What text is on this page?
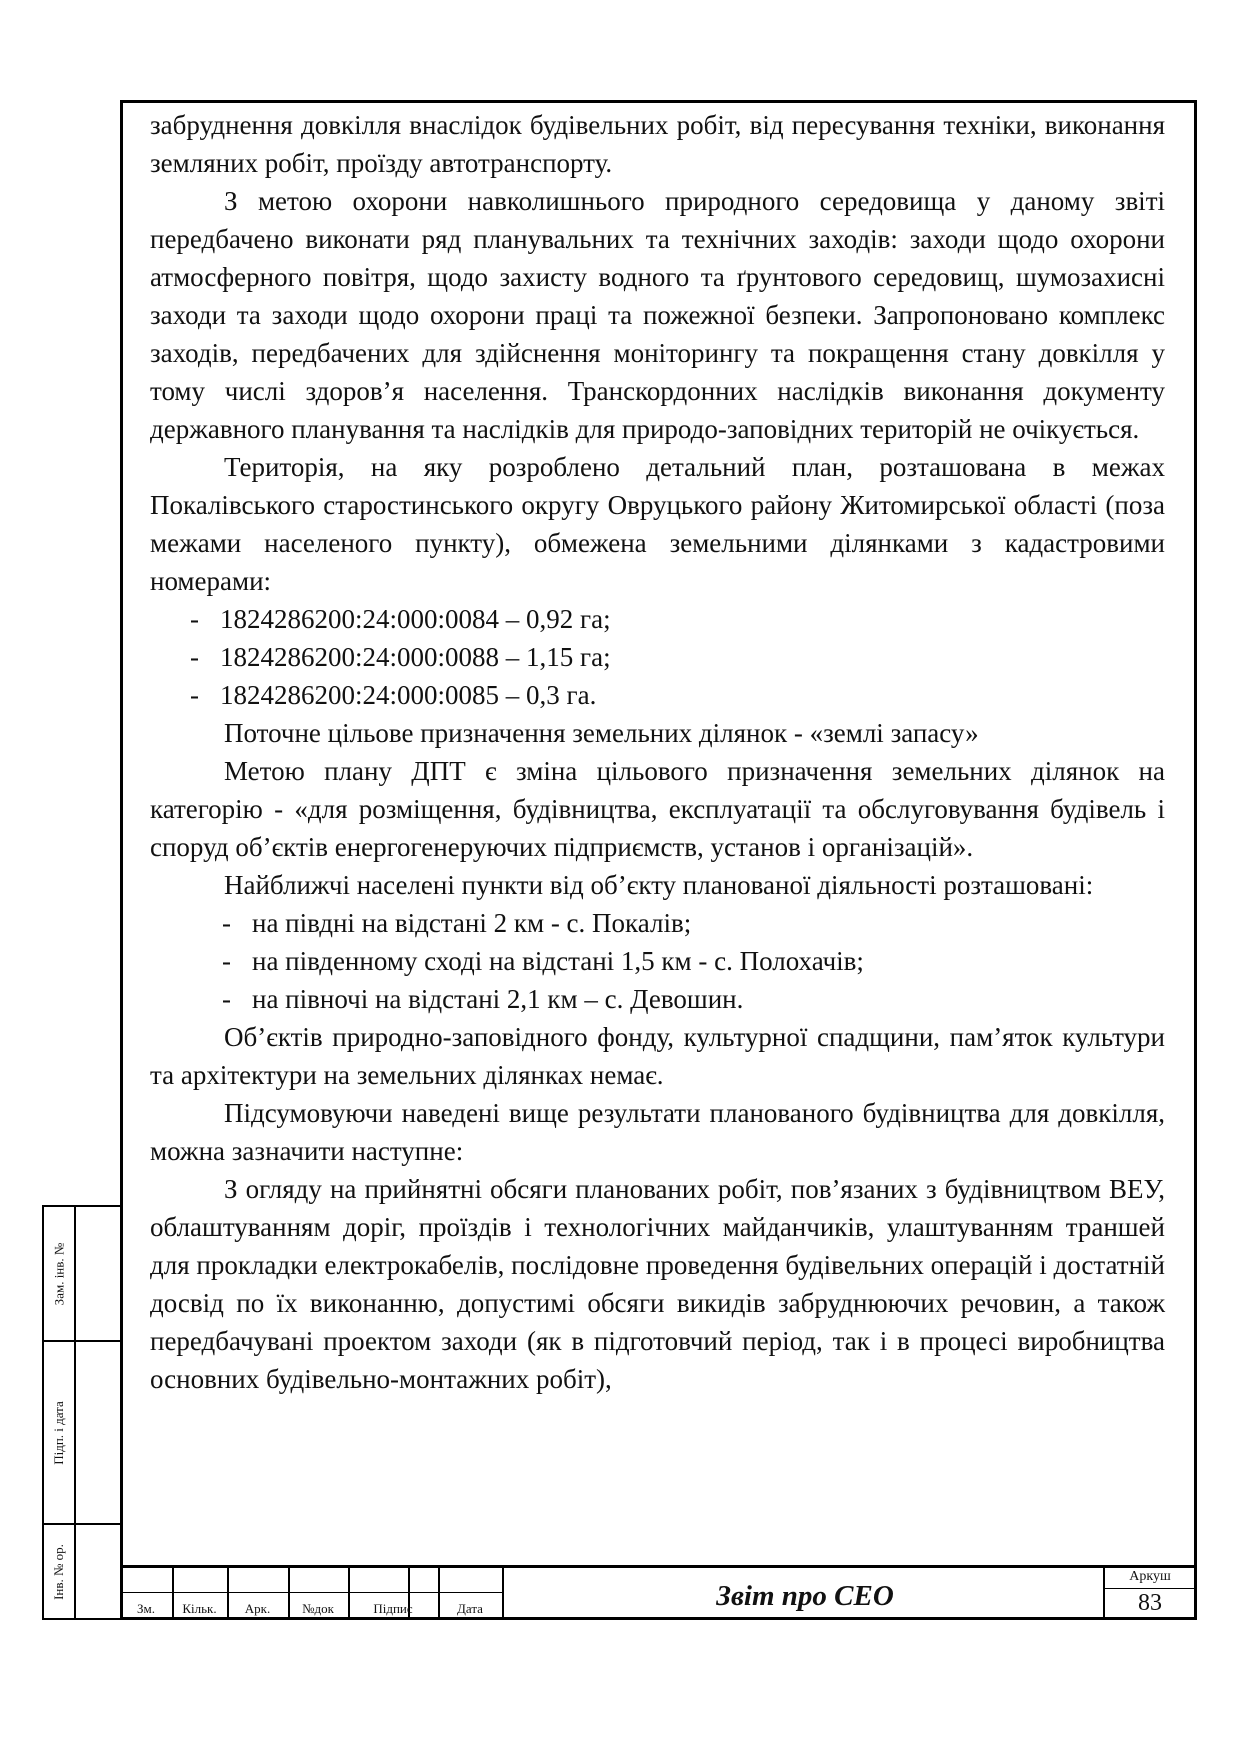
забруднення довкілля внаслідок будівельних робіт, від пересування техніки, виконання земляних робіт, проїзду автотранспорту.

З метою охорони навколишнього природного середовища у даному звіті передбачено виконати ряд планувальних та технічних заходів: заходи щодо охорони атмосферного повітря, щодо захисту водного та ґрунтового середовищ, шумозахисні заходи та заходи щодо охорони праці та пожежної безпеки. Запропоновано комплекс заходів, передбачених для здійснення моніторингу та покращення стану довкілля у тому числі здоров’я населення. Транскордонних наслідків виконання документу державного планування та наслідків для природо-заповідних територій не очікується.

Територія, на яку розроблено детальний план, розташована в межах Покалівського старостинського округу Овруцького району Житомирської області (поза межами населеного пункту), обмежена земельними ділянками з кадастровими номерами:

- 1824286200:24:000:0084 – 0,92 га;
- 1824286200:24:000:0088 – 1,15 га;
- 1824286200:24:000:0085 – 0,3 га.

Поточне цільове призначення земельних ділянок - «землі запасу»

Метою плану ДПТ є зміна цільового призначення земельних ділянок на категорію - «для розміщення, будівництва, експлуатації та обслуговування будівель і споруд об’єктів енергогенеруючих підприємств, установ і організацій».

Найближчі населені пункти від об’єкту планованої діяльності розташовані:

- на півдні на відстані 2 км - с. Покалів;
- на південному сході на відстані 1,5 км - с. Полохачів;
- на півночі на відстані 2,1 км – с. Девошин.

Об’єктів природно-заповідного фонду, культурної спадщини, пам’яток культури та архітектури на земельних ділянках немає.

Підсумовуючи наведені вище результати планованого будівництва для довкілля, можна зазначити наступне:

З огляду на прийнятні обсяги планованих робіт, пов’язаних з будівництвом ВЕУ, облаштуванням доріг, проїздів і технологічних майданчиків, улаштуванням траншей для прокладки електрокабелів, послідовне проведення будівельних операцій і достатній досвід по їх виконанню, допустимі обсяги викидів забруднюючих речовин, а також передбачувані проектом заходи (як в підготовчий період, так і в процесі виробництва основних будівельно-монтажних робіт),

Зам. інв. №
Підп. і дата
Інв. № ор.
Зм.	Кільк.	Арк.	№док	Підпис	Дата	Звіт про СЕО
Аркуш
83
